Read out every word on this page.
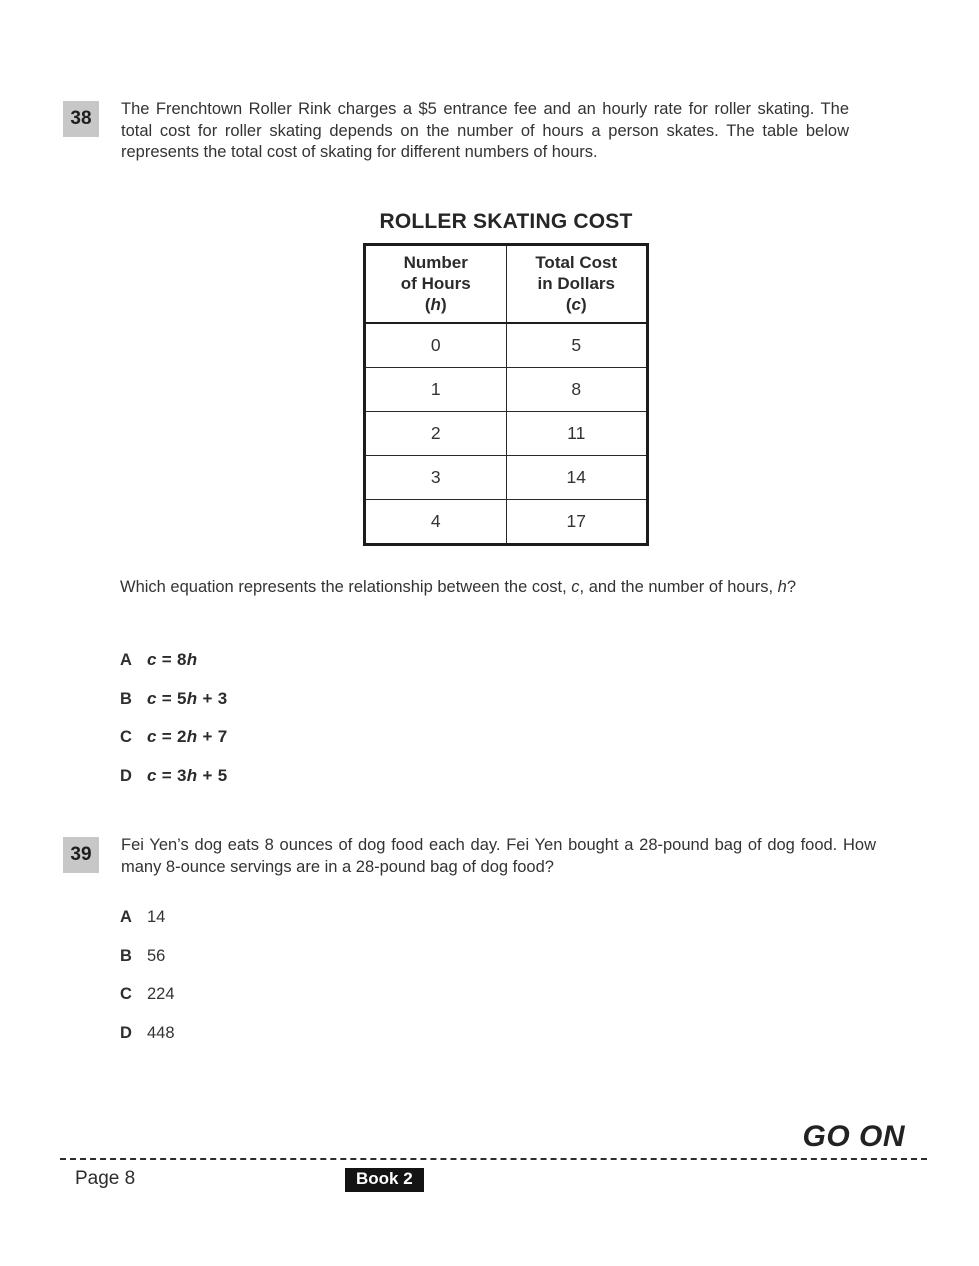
38	The Frenchtown Roller Rink charges a $5 entrance fee and an hourly rate for roller skating. The total cost for roller skating depends on the number of hours a person skates. The table below represents the total cost of skating for different numbers of hours.
ROLLER SKATING COST
Number
of Hours
(h)	Total Cost
in Dollars
(c)
0	5
1	8
2	11
3	14
4	17
Which equation represents the relationship between the cost, c, and the number of hours, h?
A c = 8h
B c = 5h + 3
C c = 2h + 7
D c = 3h + 5
39	Fei Yen’s dog eats 8 ounces of dog food each day. Fei Yen bought a 28-pound bag of dog food. How many 8-ounce servings are in a 28-pound bag of dog food?
A 14
B 56
C 224
D 448
GO ON
Page 8	Book 2
